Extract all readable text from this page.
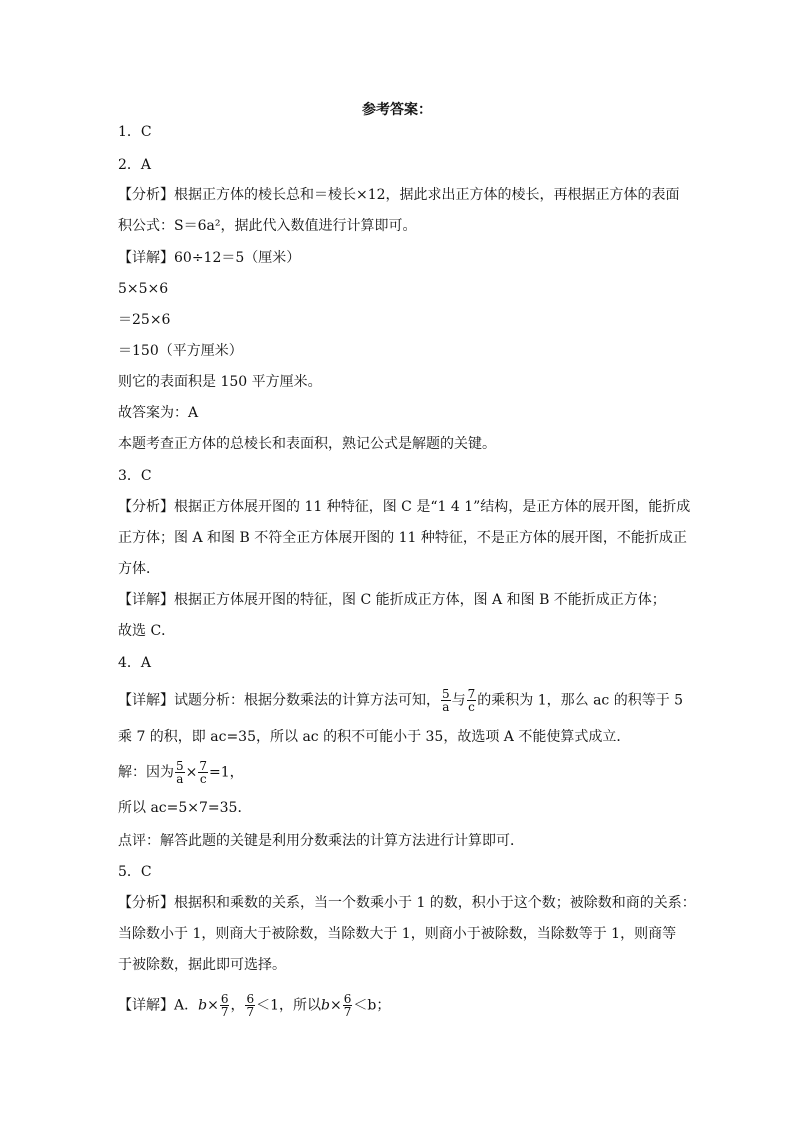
参考答案：
1．C
2．A
【分析】根据正方体的棱长总和＝棱长×12，据此求出正方体的棱长，再根据正方体的表面
积公式：S＝6a²，据此代入数值进行计算即可。
【详解】60÷12＝5（厘米）
5×5×6
＝25×6
＝150（平方厘米）
则它的表面积是 150 平方厘米。
故答案为：A
本题考查正方体的总棱长和表面积，熟记公式是解题的关键。
3．C
【分析】根据正方体展开图的 11 种特征，图 C 是“1 4 1”结构，是正方体的展开图，能折成
正方体；图 A 和图 B 不符全正方体展开图的 11 种特征，不是正方体的展开图，不能折成正
方体．
【详解】根据正方体展开图的特征，图 C 能折成正方体，图 A 和图 B 不能折成正方体；
故选 C．
4．A
【详解】试题分析：根据分数乘法的计算方法可知， $\frac{5}{a}$ 与 $\frac{7}{c}$ 的乘积为 1，那么 ac 的积等于 5
乘 7 的积，即 ac=35，所以 ac 的积不可能小于 35，故选项 A 不能使算式成立．
解：因为 $\frac{5}{a} \times \frac{7}{c} =1$，
所以 ac=5×7=35．
点评：解答此题的关键是利用分数乘法的计算方法进行计算即可．
5．C
【分析】根据积和乘数的关系，当一个数乘小于 1 的数，积小于这个数；被除数和商的关系：
当除数小于 1，则商大于被除数，当除数大于 1，则商小于被除数，当除数等于 1，则商等
于被除数，据此即可选择。
【详解】A．$b\times \frac{6}{7}$ ， $\frac{6}{7} <1$，所以$b\times \frac{6}{7} <b$；
